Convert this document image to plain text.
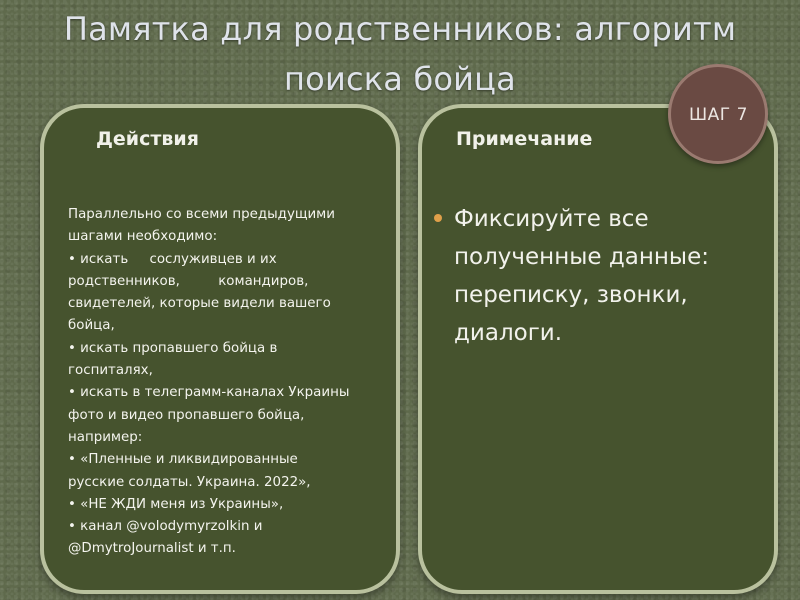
Памятка для родственников: алгоритм
поиска бойца
Действия
Параллельно со всеми предыдущими
шагами необходимо:
• искать     сослуживцев и их
родственников,         командиров,
свидетелей, которые видели вашего
бойца,
• искать пропавшего бойца в
госпиталях,
• искать в телеграмм-каналах Украины
фото и видео пропавшего бойца,
например:
• «Пленные и ликвидированные
русские солдаты. Украина. 2022»,
• «НЕ ЖДИ меня из Украины»,
• канал @volodymyrzolkin и
@DmytroJournalist и т.п.
Примечание
Фиксируйте все
полученные данные:
переписку, звонки,
диалоги.
ШАГ 7
